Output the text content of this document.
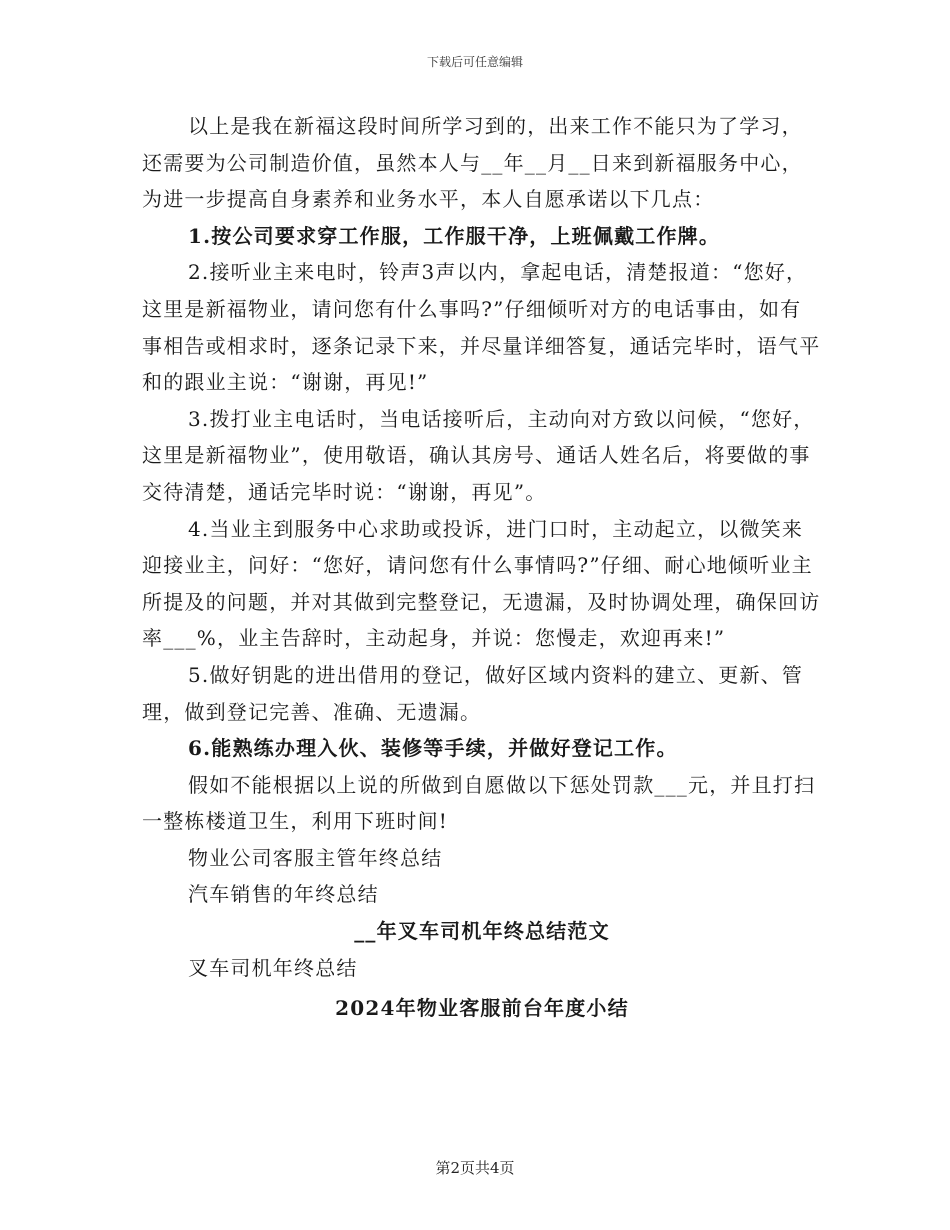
下载后可任意编辑

以上是我在新福这段时间所学习到的，出来工作不能只为了学习，还需要为公司制造价值，虽然本人与__年__月__日来到新福服务中心，为进一步提高自身素养和业务水平，本人自愿承诺以下几点：

1.按公司要求穿工作服，工作服干净，上班佩戴工作牌。

2.接听业主来电时，铃声3声以内，拿起电话，清楚报道：“您好，这里是新福物业，请问您有什么事吗?”仔细倾听对方的电话事由，如有事相告或相求时，逐条记录下来，并尽量详细答复，通话完毕时，语气平和的跟业主说：“谢谢，再见!”

3.拨打业主电话时，当电话接听后，主动向对方致以问候，“您好，这里是新福物业”，使用敬语，确认其房号、通话人姓名后，将要做的事交待清楚，通话完毕时说：“谢谢，再见”。

4.当业主到服务中心求助或投诉，进门口时，主动起立，以微笑来迎接业主，问好：“您好，请问您有什么事情吗?”仔细、耐心地倾听业主所提及的问题，并对其做到完整登记，无遗漏，及时协调处理，确保回访率___%，业主告辞时，主动起身，并说：您慢走，欢迎再来!”

5.做好钥匙的进出借用的登记，做好区域内资料的建立、更新、管理，做到登记完善、准确、无遗漏。

6.能熟练办理入伙、装修等手续，并做好登记工作。

假如不能根据以上说的所做到自愿做以下惩处罚款___元，并且打扫一整栋楼道卫生，利用下班时间!

物业公司客服主管年终总结

汽车销售的年终总结

__年叉车司机年终总结范文

叉车司机年终总结

2024年物业客服前台年度小结

第2页共4页
